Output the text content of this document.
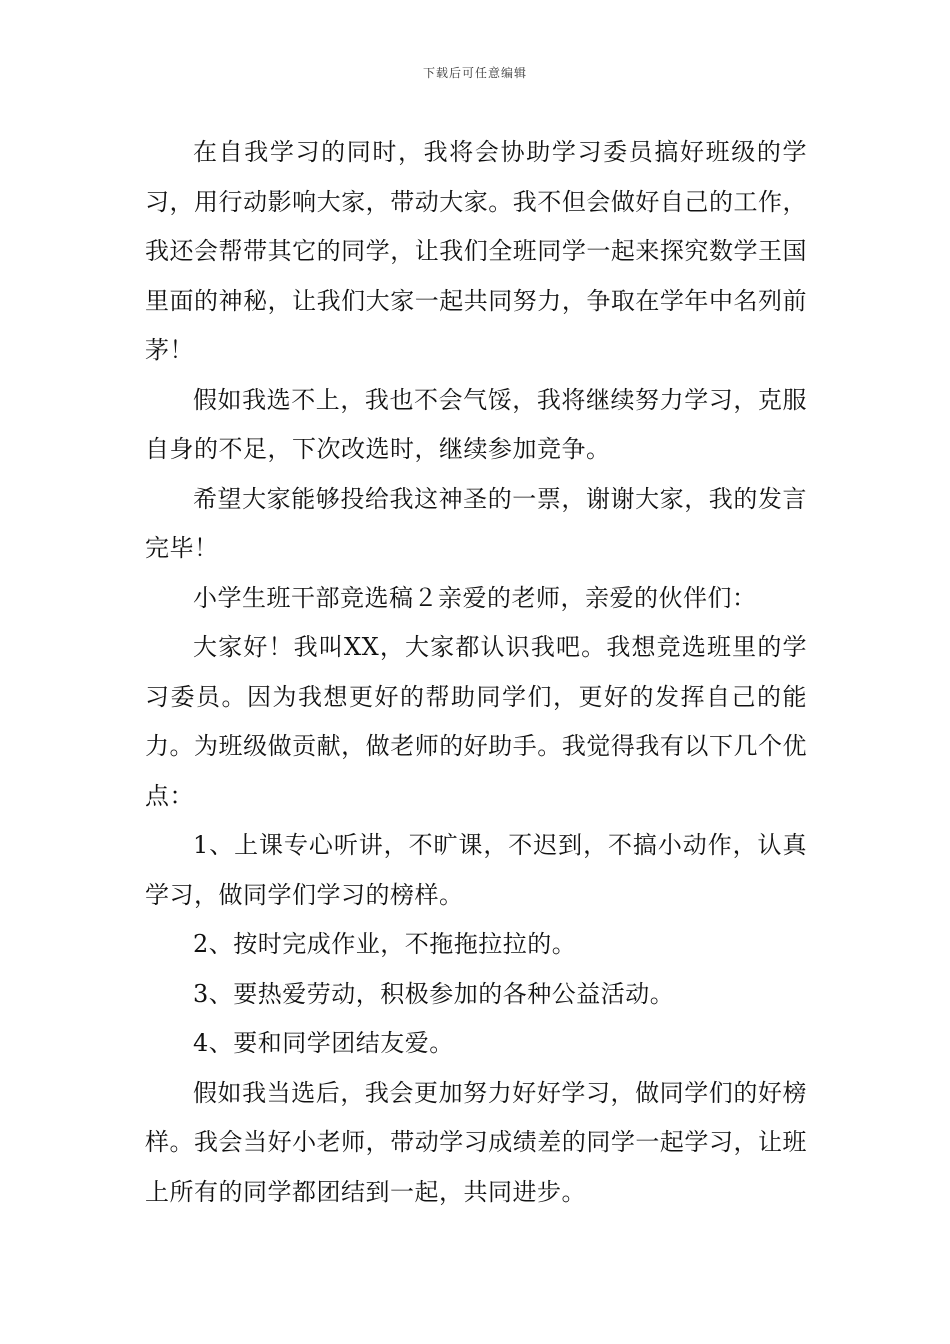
下载后可任意编辑

在自我学习的同时，我将会协助学习委员搞好班级的学习，用行动影响大家，带动大家。我不但会做好自己的工作，我还会帮带其它的同学，让我们全班同学一起来探究数学王国里面的神秘，让我们大家一起共同努力，争取在学年中名列前茅！

假如我选不上，我也不会气馁，我将继续努力学习，克服自身的不足，下次改选时，继续参加竞争。

希望大家能够投给我这神圣的一票，谢谢大家，我的发言完毕！

小学生班干部竞选稿２亲爱的老师，亲爱的伙伴们：

大家好！我叫XX，大家都认识我吧。我想竞选班里的学习委员。因为我想更好的帮助同学们，更好的发挥自己的能力。为班级做贡献，做老师的好助手。我觉得我有以下几个优点：

1、上课专心听讲，不旷课，不迟到，不搞小动作，认真学习，做同学们学习的榜样。

2、按时完成作业，不拖拖拉拉的。

3、要热爱劳动，积极参加的各种公益活动。

4、要和同学团结友爱。

假如我当选后，我会更加努力好好学习，做同学们的好榜样。我会当好小老师，带动学习成绩差的同学一起学习，让班上所有的同学都团结到一起，共同进步。
